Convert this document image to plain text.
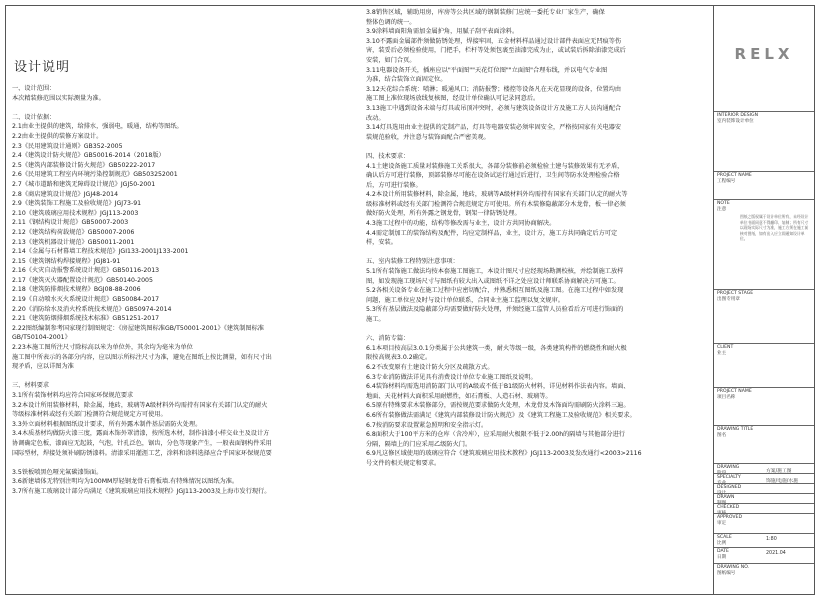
设计说明
一、设计范围：
本次精装修范围以实际测量为准。

二、设计依据：
2.1由业主提供的建筑，给排水，强弱电，暖通，结构等图纸。
2.2由业主提供的装修方案设计。
2.3《民用建筑设计通则》GB352-2005
2.4《建筑设计防火规范》GB50016-2014（2018版）
2.5《建筑内部装修设计防火规范》GB50222-2017
2.6《民用建筑工程室内环境污染控制规范》GB503252001
2.7《城市道路和建筑无障碍设计规范》JGJ50-2001
2.8《商店建筑设计规范》JGJ48-2014
2.9《建筑装饰工程施工及验收规范》JGJ73-91
2.10《建筑玻璃应用技术规程》JGJ113-2003
2.11《钢结构设计规范》GB50007-2003
2.12《建筑结构荷载规范》GB50007-2006
2.13《建筑机器设计规范》GB50011-2001
2.14《金属与石材幕墙工程技术规范》JGI133-2001J133-2001
2.15《建筑钢结构焊接规程》JGJ81-91
2.16《火灾自动报警系统设计规范》GB50116-2013
2.17《建筑灭火器配置设计规范》GB50140-2005
2.18《建筑防排烟技术规程》BGJ08-88-2006
2.19《自动喷水灭火系统设计规范》GB50084-2017
2.20《消防给水及消火栓系统技术规范》GB50974-2014
2.21《建筑防烟排烟系统技术标准》GB51251-2017
2.22图纸编制参考国家现行制图规定：《房屋建筑图标准GB/T50001-2001》《建筑制图标准
GB/T50104-2001》
2.23本施工图所注尺寸除标高以米为单位外，其余均为毫米为单位
施工图中所表示的各部分内容，应以图示所标注尺寸为准，避免在图纸上按比测量，如有尺寸出
现矛盾，应以详图为准

三、材料要求
3.1所有装饰材料均应符合国家环保规范要求
3.2本设计所用装修材料，除金属，地砖，玻璃等A级材料外均需持有国家有关部门认定的耐火
等级标准材料或经有关部门检测符合规范规定方可使用。
3.3外立面材料根据图纸设计要求，所有外露木制件基层需防火处理。
3.4木质基材均做防火漆三度，露面木饰外罩清漆，按所选木材，制作油漆小样交业主及设计方
协调确定色板，漆面应无起鼓，气泡，针孔泛色，锯齿，分色等现象产生，一般表面钢构件采用
国际型材，焊接处须补刷防锈漆料。清漆采用灌涯工艺，涂料和涂料选择应合乎国家环保规范要

3.5铁板喷黑色哑光氟碳漆饰面。
3.6新建墙体无特别注明均为100MM厚轻钢龙骨石膏板墙.有特殊情况以图纸为准。
3.7所有施工玻璃设计部分均满足《建筑玻璃应用技术规程》JGJ113-2003及上海市发行现行。
3.8销售区域，辅助用房，库房等公共区域的钢制装修门应统一委托专业厂家生产，确保
整体色调的统一。
3.9涂料墙面阳角需加金属护角，用腻子刮平表面涂料。
3.10不露面金属部件须做防锈处理，焊接牢固，五金材料样品通过设计部件表面应无凹痕等伤
害，装妥后必须检验使用，门把手，栏杆等处须包裹至油漆完成为止，或试装后拆除油漆完成后
安装，如门合页。
3.11电器设备开关，插座应以"平面图""天花灯位图""立面图"合理布线，并以电气专业图
为准，结合装饰立面固定位。
3.12天花综合系统：喷淋；暖通风口；消防报警；楼控等设备凡在天花显现的设备，位置均由
施工图上准位现场放线复核图，经设计单位确认可记录同意后。
3.13施工中遇到设备末端与灯具或吊顶冲突时，必须与建筑设备设计方及施工方人员沟通配合
改动。
3.14灯具选用由业主提供的定制产品，灯具等电器安装必须牢固安全，严格按国家有关电器安
装规范验收，并注意与装饰面配合严密美观。

四、技术要求：
4.1土建设备施工质量对装修施工关系很大，各部分装修前必须检验土建与装修效果有无矛盾，
确认后方可进行装修，顶部装修尽可能在设备试运行通过后进行，卫生间等防水处理检验合格
后，方可进行装修。
4.2本设计所用装修材料，除金属，地砖，玻璃等A级材料外均需持有国家有关部门认定的耐火等
级标准材料或经有关部门检测符合规范规定方可使用。所有木装修隐蔽部分木龙骨，板一律必须
做好防火处理，所有外露之钢龙骨，钢架一律防锈处理。
4.3施工过程中的功能，结构等修改需与业主，设计方共同协商解决。
4.4需定制加工的装饰结构及配件，均应定制样品，业主，设计方，施工方共同确定后方可定
样，安装。

五、室内装修工程特别注意事项：
5.1所有装饰施工做法均按本套施工图施工，本设计图尺寸应经现场勘测校核，并绘制施工放样
图，如发现施工现场尺寸与图纸有较大出入或图纸不详之处应设计师联系协商解决方可施工。
5.2各相关设备专业在施工过程中应密切配合，并熟悉相互图纸及施工图。在施工过程中如发现
问题，施工单位应及时与设计单位联系，合同业主施工监理以复文规审。
5.3所有基层做法及隐蔽部分均需要做好防火处理，并须经施工监管人员验看后方可进行饰面的
施工。

六、消防专篇：
6.1本项目按高层3.0.1分类属于公共建筑一类，耐火等级一级，各类建筑构件的燃烧性和耐火极
限按高规表3.0.2确定。
6.2不改变原有土建设计防火分区及疏散方式。
6.3专业消防做法详见具有消费设计单位专业施工图纸及说明。
6.4装饰材料均需选用消防部门认可的A级或不低于B1级防火材料，详见材料作法表内容。墙面、
地面、天花材料大面积采用耐燃性，如石膏板、人造石材、玻璃等。
6.5原有特殊要求木装修部分，需按规范要求做防火处理，木龙骨及木饰面均需刷防火涂料三遍。
6.6所有装修做法需满足《建筑内部装修设计防火规范》及《建筑工程施工及验收规范》相关要求。
6.7按消防要求设置紧急照明和安全指示灯。
6.8面积大于100平方米的仓库（含冷库），应采用耐火极限不低于2.00h的隔墙与其他部分进行
分隔，隔墙上的门应采用乙级防火门。
6.9凡这修区域使用的玻璃应符合《建筑玻璃应用技术教程》JGJ113-2003及发改通行<2003>2116
号文件的相关规定和要求。
RELX
INTERIOR DESIGN
室内装饰设计单位
PROJECT NAME
工程编号
NOTE
注意
PROJECT STAGE
出图专用章
CLIENT
业主
PROJECT NAME
项目名称
DRAWING TITLE
图名
DRAWING
阶段
SPECIALTY
专业
DESIGNED
设计
DRAWN
制图
CHECKED
审核
APPROVED
审定
SCALE
比例
DATE
日期
DRAWING NO.
图纸编号
图纸之版权属于设计单位所有，未经设计单位书面同意不得翻印、复制；所有尺寸以现场实际尺寸为准，施工方须在施工前核对图纸，如有出入应立即通知设计单位。
方案/施工图
饰施/电施/水施
1:80
2021.04
